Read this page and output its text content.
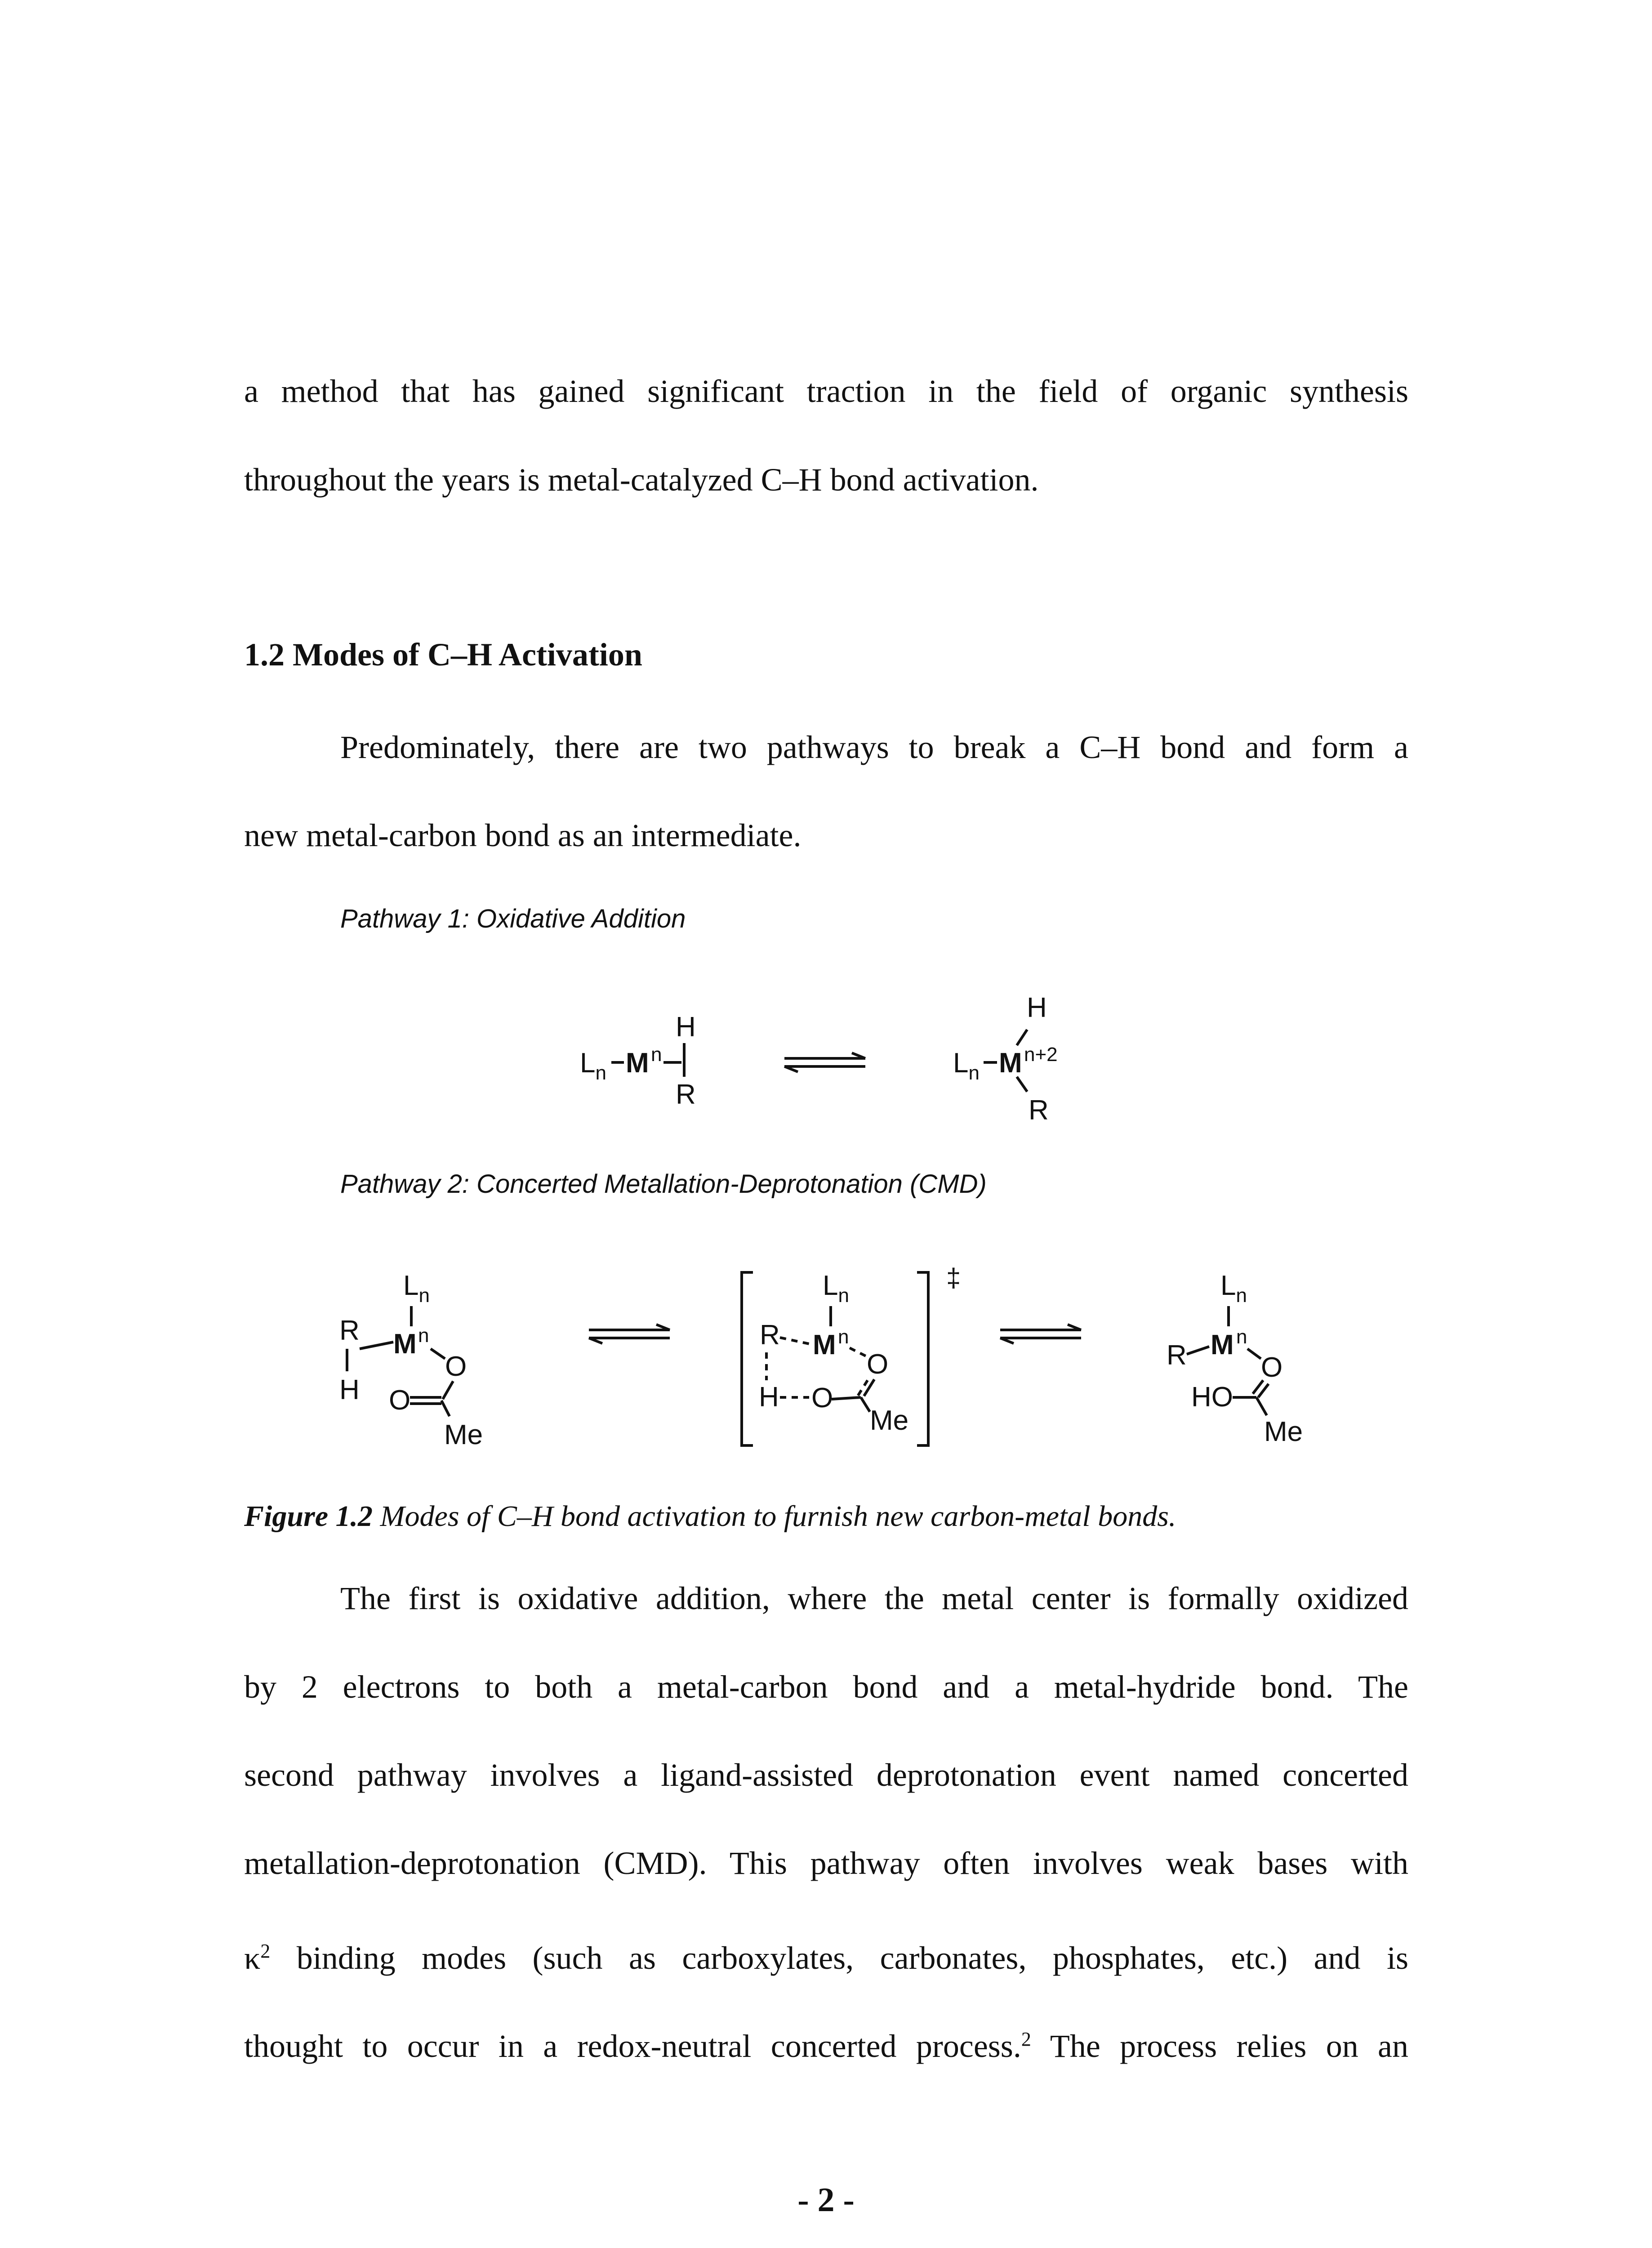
a method that has gained significant traction in the field of organic synthesis
throughout the years is metal-catalyzed C–H bond activation.
1.2 Modes of C–H Activation
Predominately, there are two pathways to break a C–H bond and form a
new metal-carbon bond as an intermediate.
Pathway 1: Oxidative Addition
Pathway 2: Concerted Metallation-Deprotonation (CMD)
$L_n$ M n
H
R
$L_n$ M n+2
H
R
$L_n$
M n
R
H
O
O
Me
‡
$L_n$
M n
R
H O
O
Me
$L_n$
M n
R	O
HO
Me
Figure 1.2 Modes of C–H bond activation to furnish new carbon-metal bonds.
The first is oxidative addition, where the metal center is formally oxidized
by 2 electrons to both a metal-carbon bond and a metal-hydride bond. The
second pathway involves a ligand-assisted deprotonation event named concerted
metallation-deprotonation (CMD). This pathway often involves weak bases with
$\kappa^2$ binding modes (such as carboxylates, carbonates, phosphates, etc.) and is
thought to occur in a redox-neutral concerted process.$^2$ The process relies on an
- 2 -
